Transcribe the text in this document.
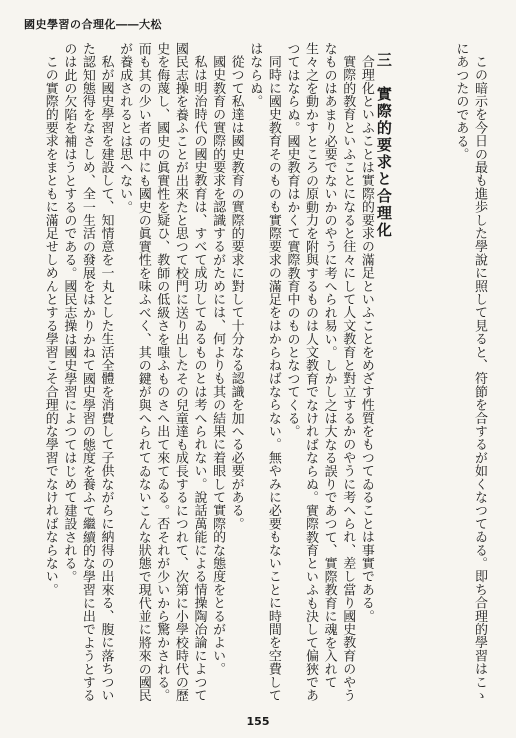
國史學習の合理化――大松

この暗示を今日の最も進歩した學說に照して見ると、符節を合するが如くなつてゐる。即ち合理的學習はこゝにあつたのである。

三　實際的要求と合理化

合理化といふことは實際的要求の滿足といふことをめざす性質をもつてゐることは事實である。

實際的教育といふことになると往々にして人文教育と對立するかのやうに考へられ、差し當り國史教育のやうなものはあまり必要でないかのやうに考へられ易い。しかし之は大なる誤りであつて、實際教育に魂を入れて生々之を動かすところの原動力を附與するものは人文教育でなければならぬ。實際教育といふも決して偏狹であつてはならぬ。國史教育はかくて實際教育中のものとなつてくる。

同時に國史教育そのものも實際要求の滿足をはからねばならない。無やみに必要もないことに時間を空費してはならぬ。

從つて私達は國史教育の實際的要求に對して十分なる認識を加へる必要がある。

國史教育の實際的要求を認識するがためには、何よりも其の結果に着眼して實際的な態度をとるがよい。

私は明治時代の國史教育は、すべて成功してゐるものとは考へられない。說話萬能による情操陶冶論によつて國民志操を養ふことが出來たと思つて校門に送り出したその兒童達も成長するにつれて、次第に小學校時代の歷史を侮蔑し、國史の眞實性を疑ひ、教師の低級さを嗤ふものさへ出て來てゐる。否それが少いから驚かされる。而も其の少い者の中にも國史の眞實性を味ふべく、其の鍵が與へられてゐないこんな狀態で現代並に將來の國民が養成されるとは思へない。

私が國史學習を建設して、知情意を一丸とした生活全體を消費して子供ながらに納得の出來る、腹に落ちついた認知態得をなさしめ、全一生活の發展をはかりかねて國史學習の態度を養ふて繼續的な學習に出でようとするのは此の欠陷を補はうとするのである。國民志操は國史學習によつてはじめて建設される。

この實際的要求をまともに滿足せしめんとする學習こそ合理的な學習でなければならない。

155
